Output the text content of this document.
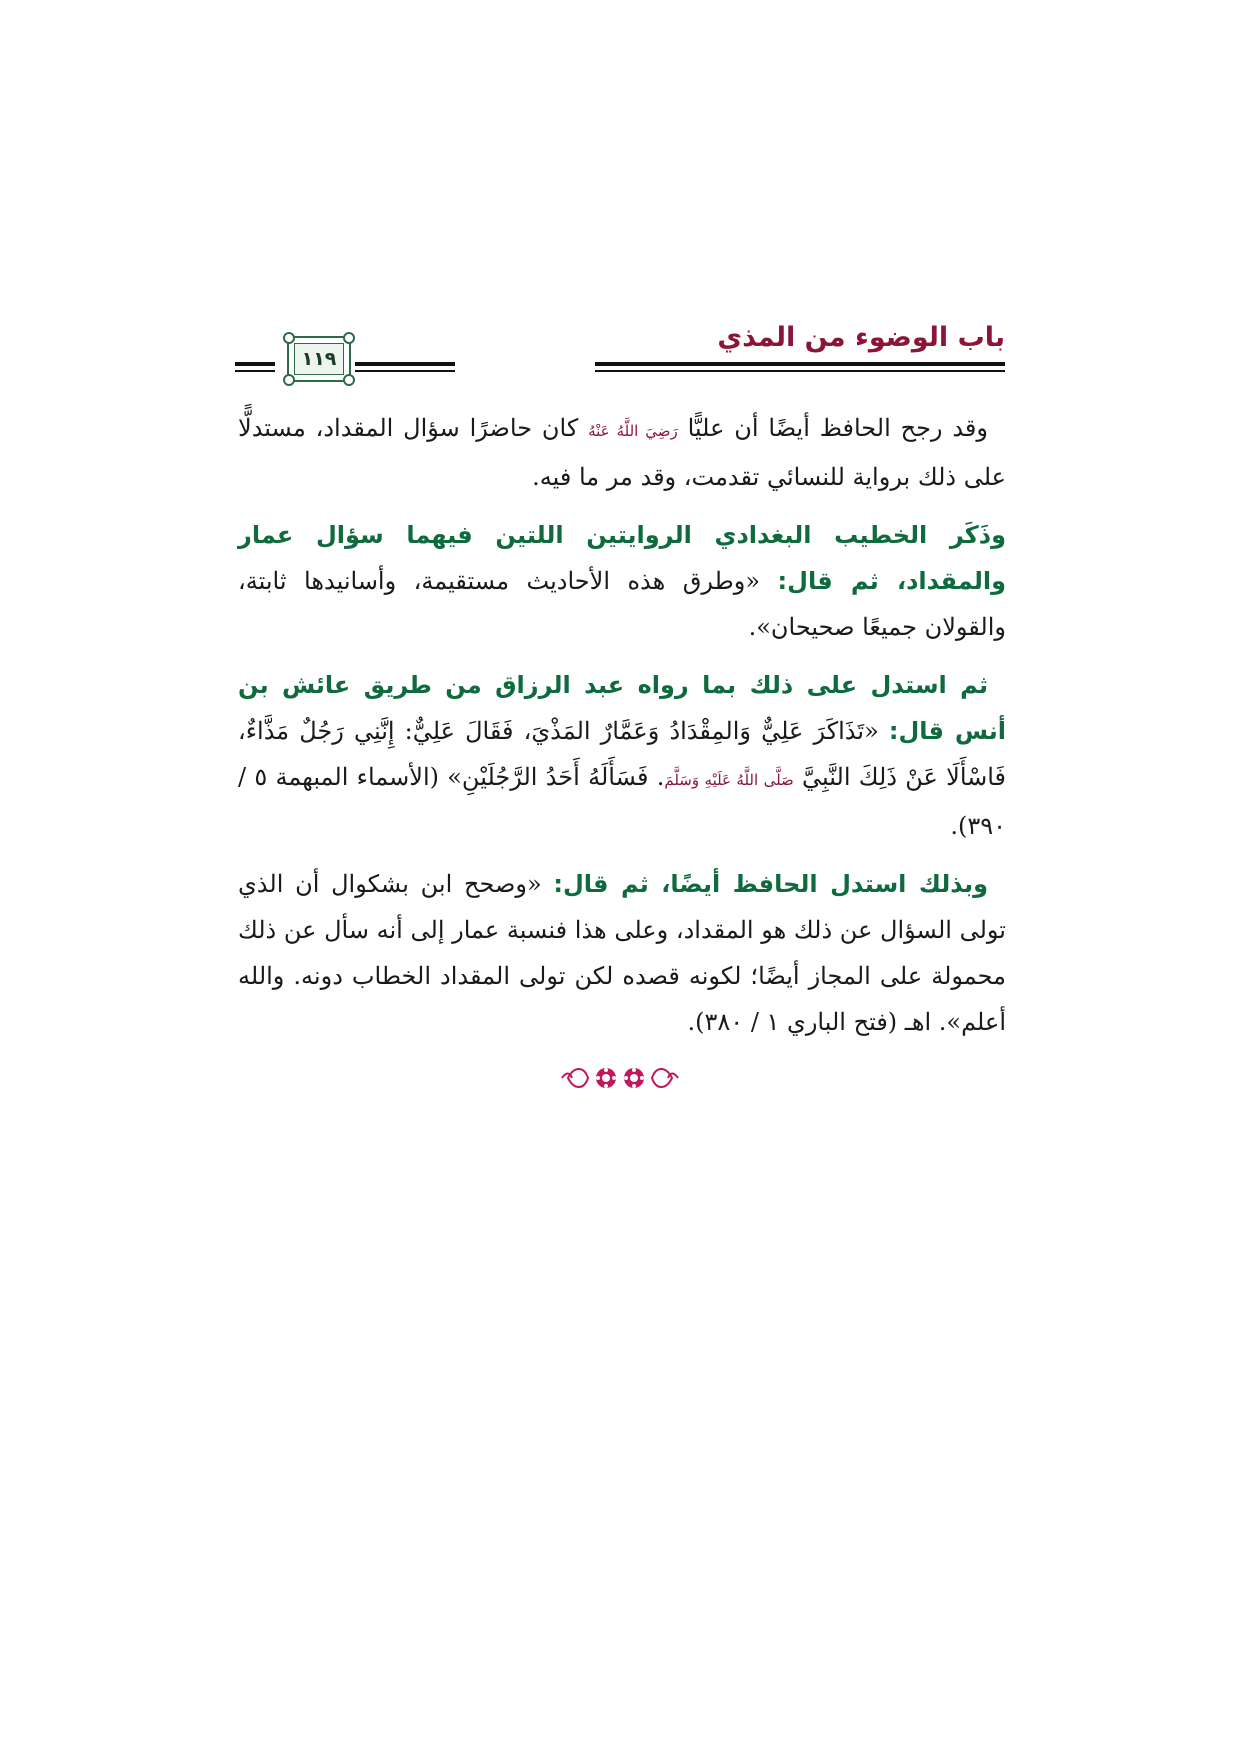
باب الوضوء من المذي
١١٩

وقد رجح الحافظ أيضًا أن عليًّا رَضِيَ اللَّهُ عَنْهُ كان حاضرًا سؤال المقداد، مستدلًّا على ذلك برواية للنسائي تقدمت، وقد مر ما فيه.

وذَكَر الخطيب البغدادي الروايتين اللتين فيهما سؤال عمار والمقداد، ثم قال: «وطرق هذه الأحاديث مستقيمة، وأسانيدها ثابتة، والقولان جميعًا صحيحان».

ثم استدل على ذلك بما رواه عبد الرزاق من طريق عائش بن أنس قال: «تَذَاكَرَ عَلِيٌّ وَالمِقْدَادُ وَعَمَّارٌ المَذْيَ، فَقَالَ عَلِيٌّ: إِنَّنِي رَجُلٌ مَذَّاءٌ، فَاسْأَلَا عَنْ ذَلِكَ النَّبِيَّ صَلَّى اللَّهُ عَلَيْهِ وَسَلَّمَ. فَسَأَلَهُ أَحَدُ الرَّجُلَيْنِ» (الأسماء المبهمة ٥ / ٣٩٠).

وبذلك استدل الحافظ أيضًا، ثم قال: «وصحح ابن بشكوال أن الذي تولى السؤال عن ذلك هو المقداد، وعلى هذا فنسبة عمار إلى أنه سأل عن ذلك محمولة على المجاز أيضًا؛ لكونه قصده لكن تولى المقداد الخطاب دونه. والله أعلم». اهـ (فتح الباري ١ / ٣٨٠).
